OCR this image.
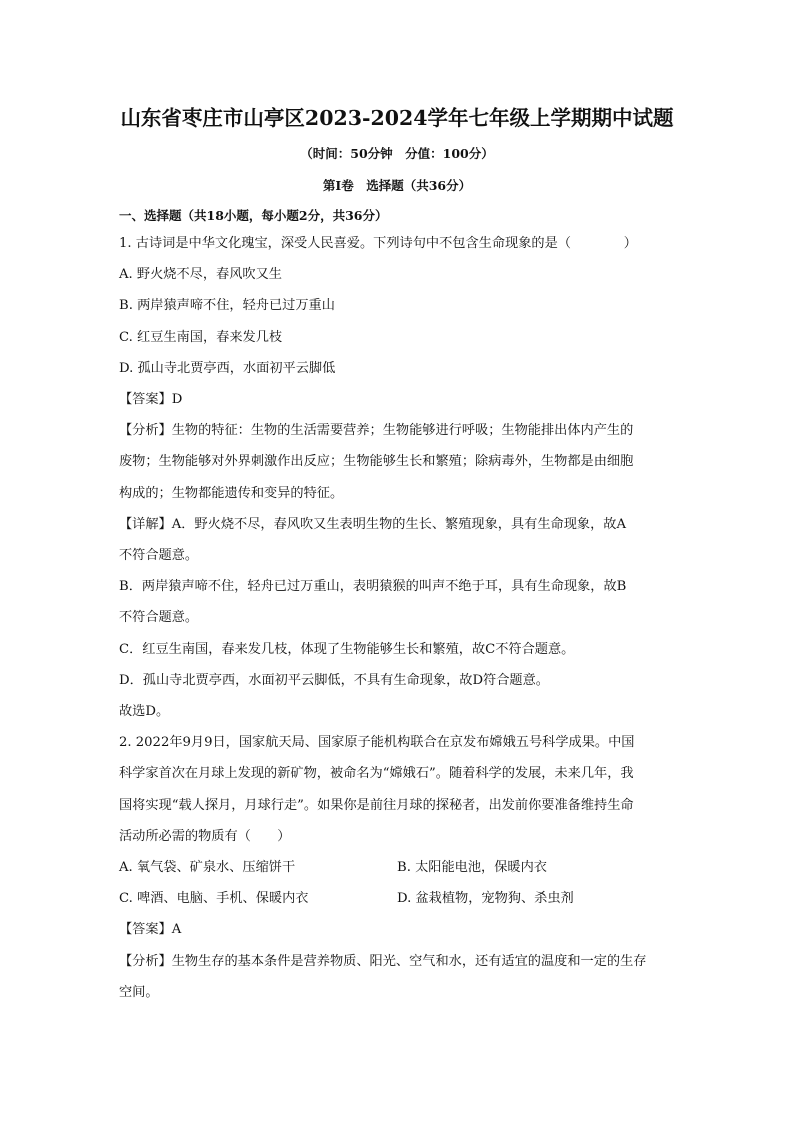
山东省枣庄市山亭区2023-2024学年七年级上学期期中试题
（时间：50分钟　分值：100分）
第Ⅰ卷　选择题（共36分）
一、选择题（共18小题，每小题2分，共36分）

1. 古诗词是中华文化瑰宝，深受人民喜爱。下列诗句中不包含生命现象的是（　　　　）

A. 野火烧不尽，春风吹又生

B. 两岸猿声啼不住，轻舟已过万重山

C. 红豆生南国，春来发几枝

D. 孤山寺北贾亭西，水面初平云脚低

【答案】D

【分析】生物的特征：生物的生活需要营养；生物能够进行呼吸；生物能排出体内产生的

废物；生物能够对外界刺激作出反应；生物能够生长和繁殖；除病毒外，生物都是由细胞

构成的；生物都能遗传和变异的特征。

【详解】A．野火烧不尽，春风吹又生表明生物的生长、繁殖现象，具有生命现象，故A

不符合题意。

B．两岸猿声啼不住，轻舟已过万重山，表明猿猴的叫声不绝于耳，具有生命现象，故B

不符合题意。

C．红豆生南国，春来发几枝，体现了生物能够生长和繁殖，故C不符合题意。

D．孤山寺北贾亭西，水面初平云脚低，不具有生命现象，故D符合题意。

故选D。

2. 2022年9月9日，国家航天局、国家原子能机构联合在京发布嫦娥五号科学成果。中国

科学家首次在月球上发现的新矿物，被命名为“嫦娥石”。随着科学的发展，未来几年，我

国将实现“载人探月，月球行走”。如果你是前往月球的探秘者，出发前你要准备维持生命

活动所必需的物质有（　　）

A. 氧气袋、矿泉水、压缩饼干	B. 太阳能电池，保暖内衣
C. 啤酒、电脑、手机、保暖内衣	D. 盆栽植物，宠物狗、杀虫剂

【答案】A

【分析】生物生存的基本条件是营养物质、阳光、空气和水，还有适宜的温度和一定的生存

空间。
